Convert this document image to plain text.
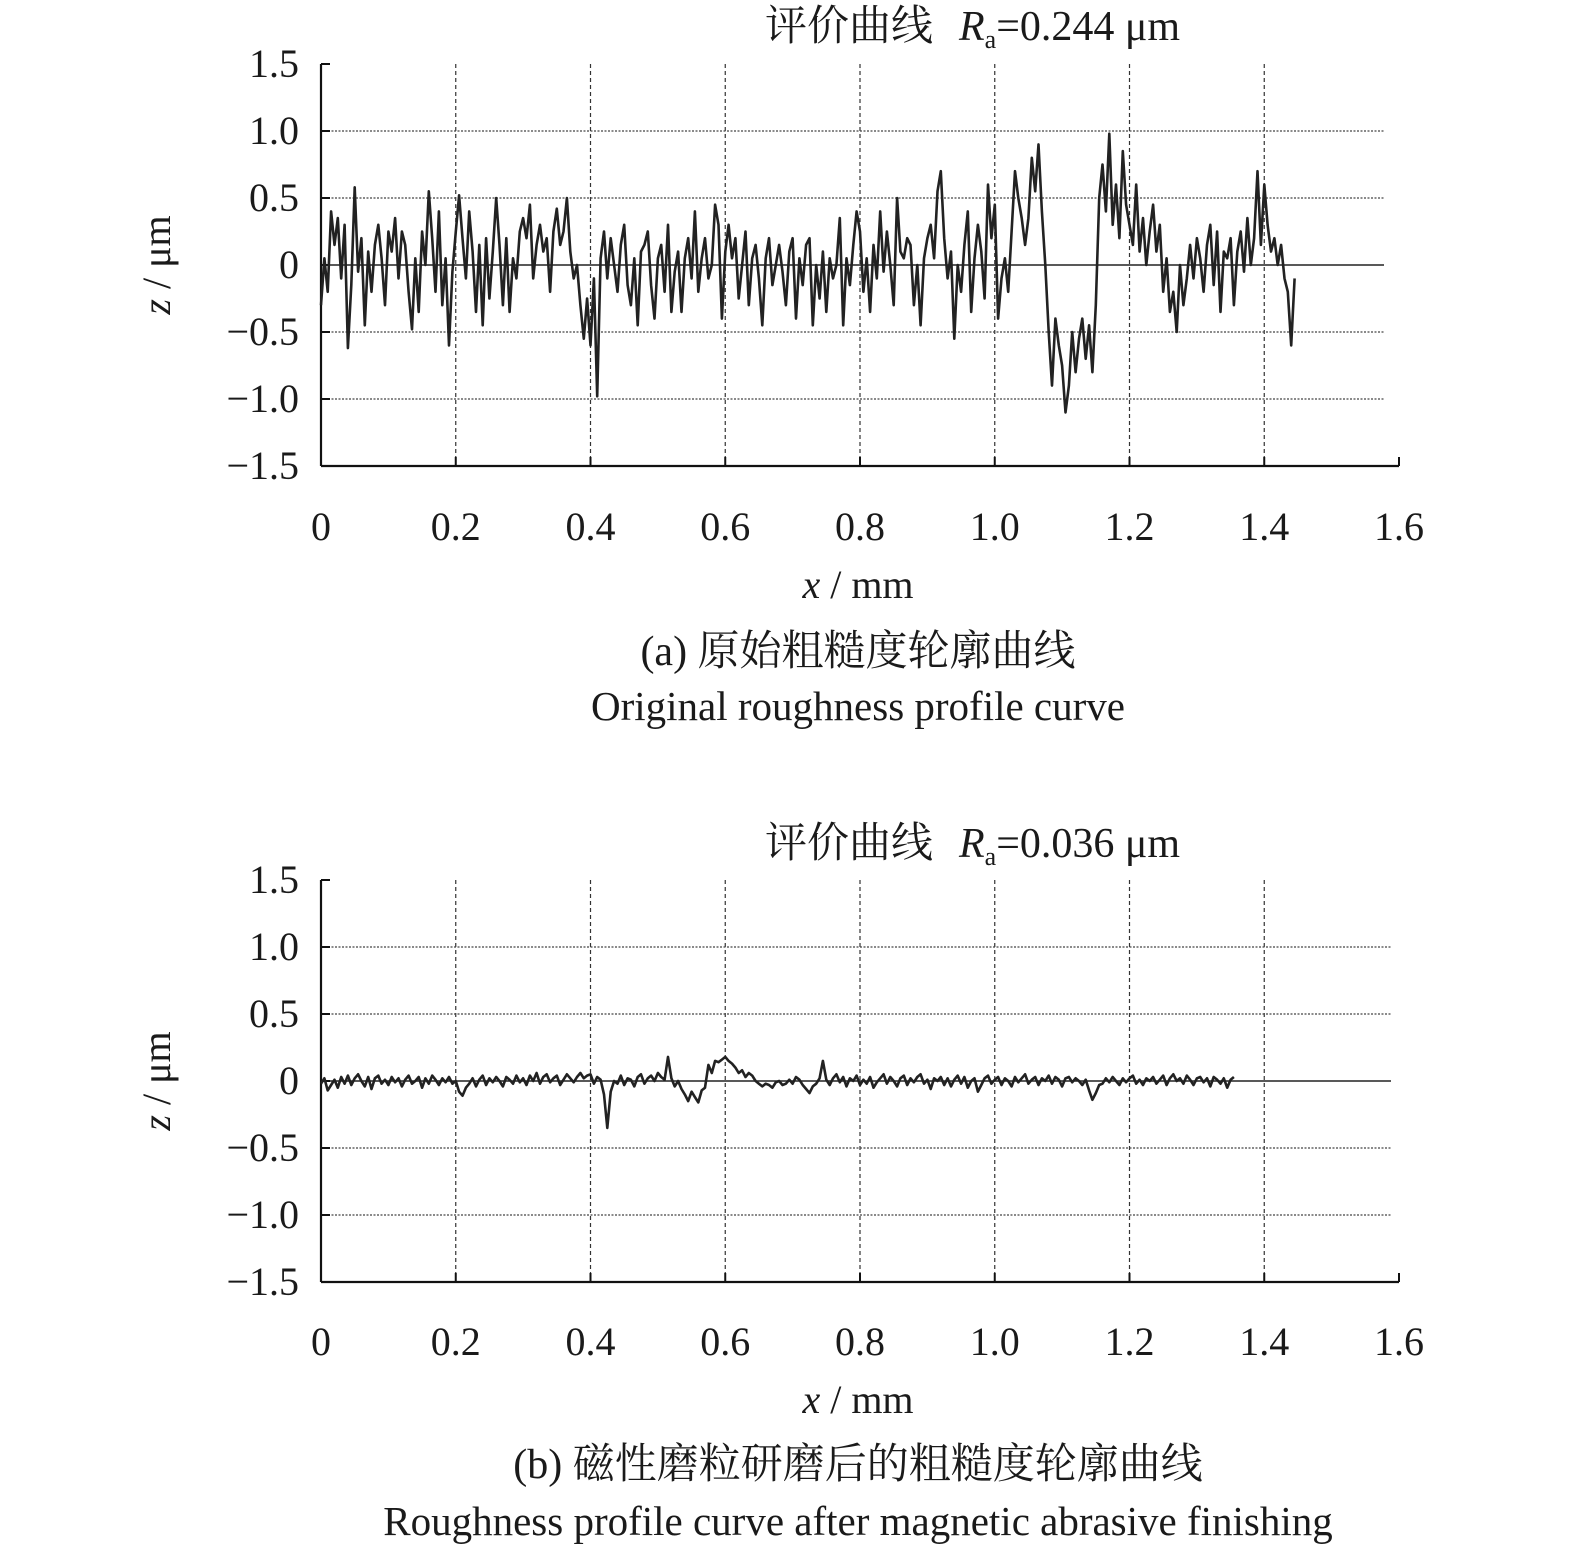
1.5
1.0
0.5
0
−0.5
−1.0
−1.5
0 0.2 0.4 0.6 0.8 1.0 1.2 1.4 1.6
评价曲线 Ra=0.244 μm
x / mm
z / μm
(a) 原始粗糙度轮廓曲线
Original roughness profile curve
1.5
1.0
0.5
0
−0.5
−1.0
−1.5
0 0.2 0.4 0.6 0.8 1.0 1.2 1.4 1.6
评价曲线 Ra=0.036 μm
x / mm
z / μm
(b) 磁性磨粒研磨后的粗糙度轮廓曲线
Roughness profile curve after magnetic abrasive finishing
